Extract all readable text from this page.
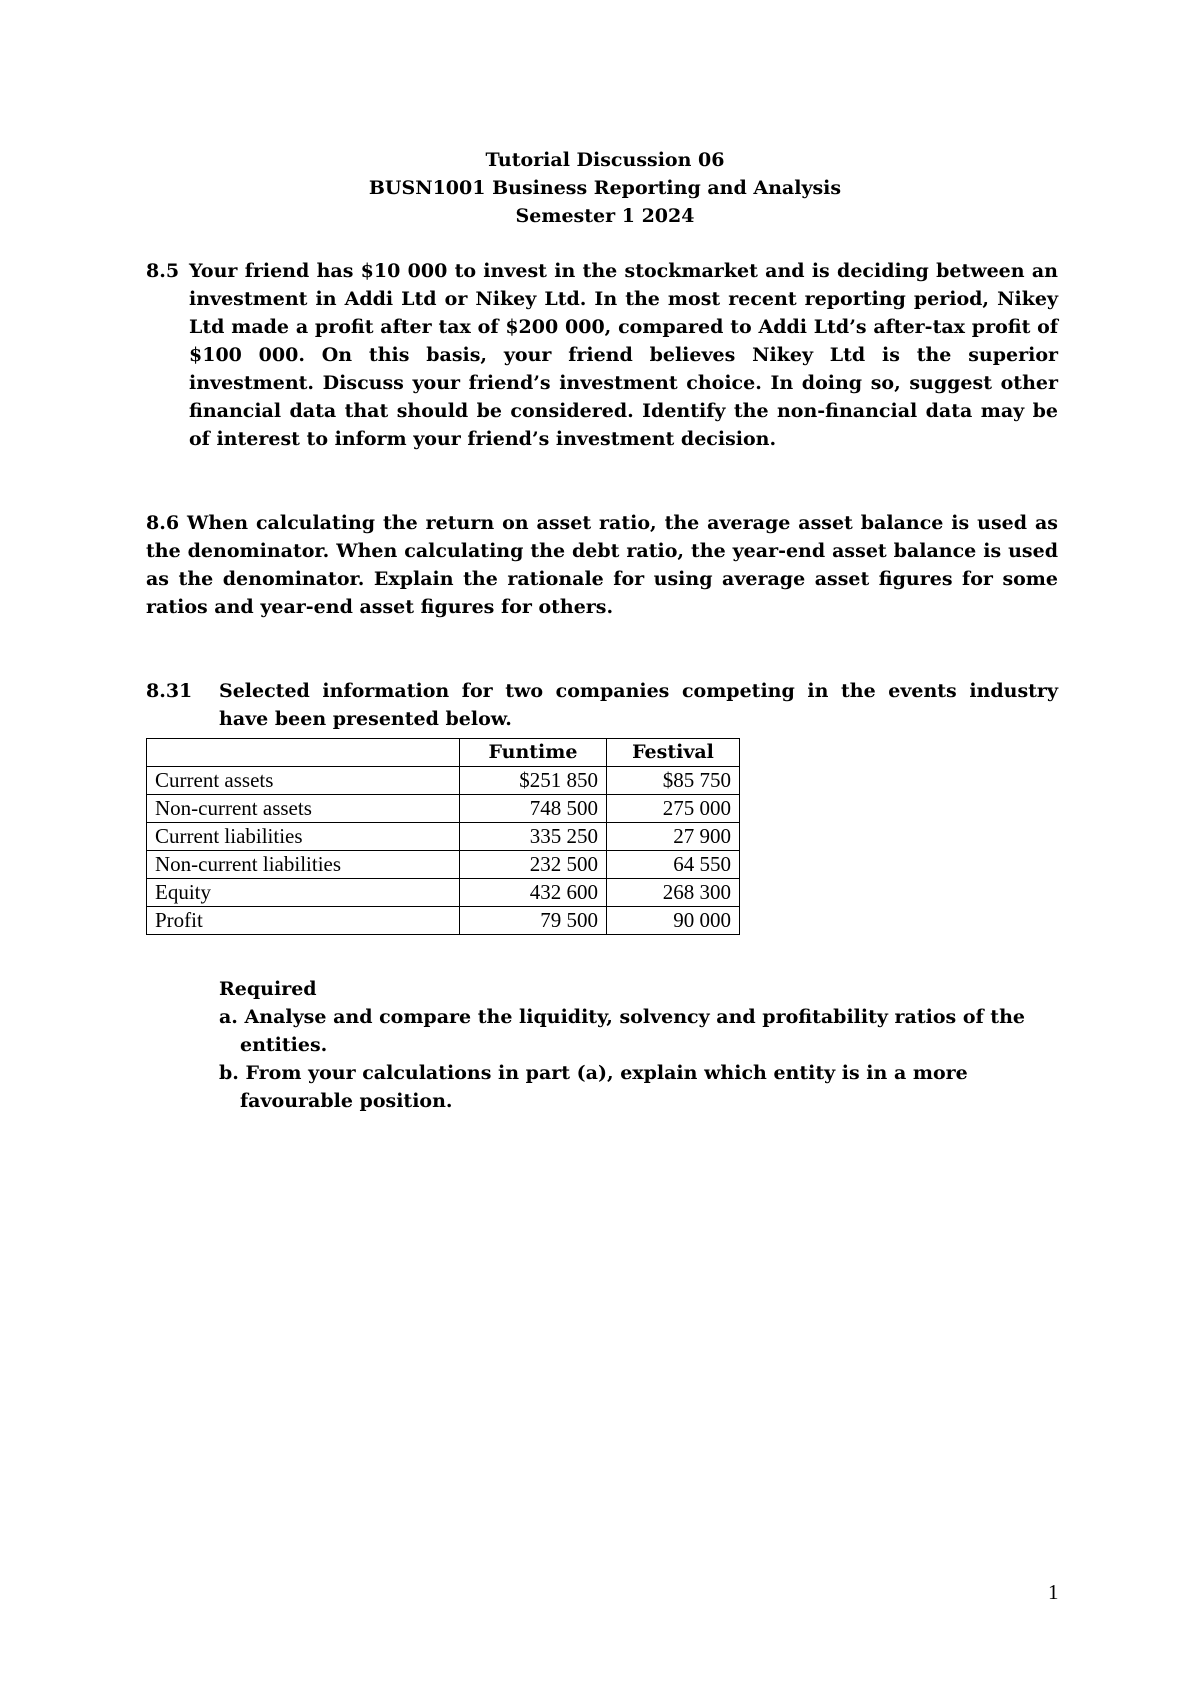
Tutorial Discussion 06
BUSN1001 Business Reporting and Analysis
Semester 1 2024
8.5 Your friend has $10 000 to invest in the stockmarket and is deciding between an investment in Addi Ltd or Nikey Ltd. In the most recent reporting period, Nikey Ltd made a profit after tax of $200 000, compared to Addi Ltd’s after-tax profit of $100 000. On this basis, your friend believes Nikey Ltd is the superior investment. Discuss your friend’s investment choice. In doing so, suggest other financial data that should be considered. Identify the non-financial data may be of interest to inform your friend’s investment decision.
8.6 When calculating the return on asset ratio, the average asset balance is used as the denominator. When calculating the debt ratio, the year-end asset balance is used as the denominator. Explain the rationale for using average asset figures for some ratios and year-end asset figures for others.
8.31 Selected information for two companies competing in the events industry have been presented below.
	Funtime	Festival
Current assets	$251 850	$85 750
Non-current assets	748 500	275 000
Current liabilities	335 250	27 900
Non-current liabilities	232 500	64 550
Equity	432 600	268 300
Profit	79 500	90 000
Required
a. Analyse and compare the liquidity, solvency and profitability ratios of the entities.
b. From your calculations in part (a), explain which entity is in a more favourable position.
1
